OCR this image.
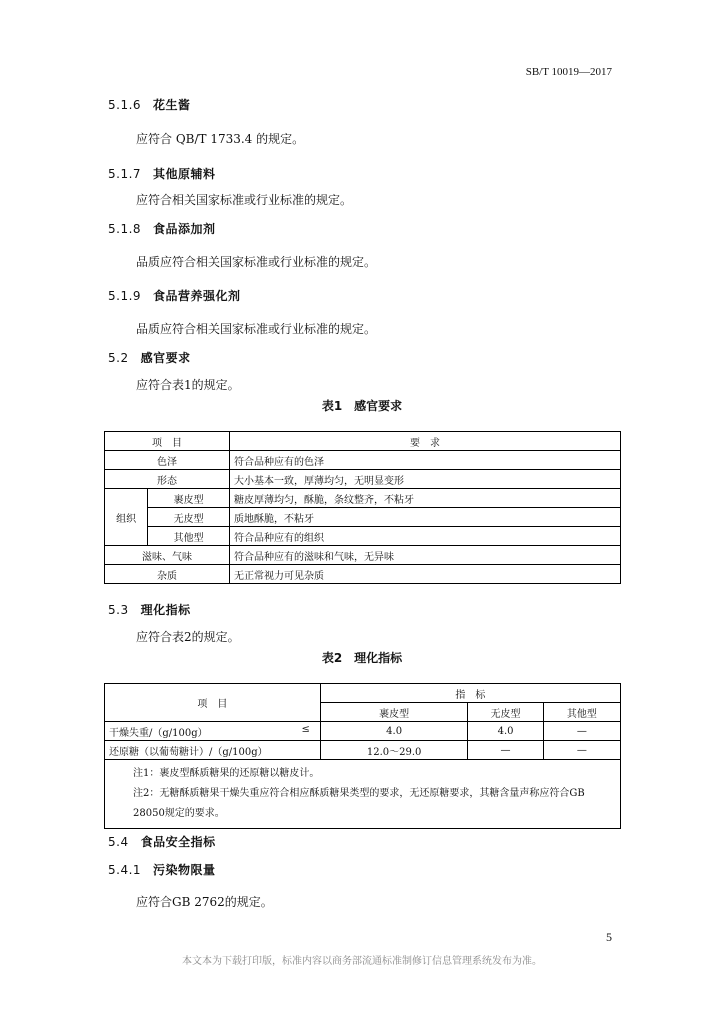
SB/T 10019—2017
5.1.6 花生酱
应符合 QB/T 1733.4 的规定。
5.1.7 其他原辅料
应符合相关国家标准或行业标准的规定。
5.1.8 食品添加剂
品质应符合相关国家标准或行业标准的规定。
5.1.9 食品营养强化剂
品质应符合相关国家标准或行业标准的规定。
5.2 感官要求
应符合表1的规定。
表1　感官要求
项　目		要　求
色泽		符合品种应有的色泽
形态		大小基本一致，厚薄均匀，无明显变形
组织	裹皮型	糖皮厚薄均匀，酥脆，条纹整齐，不粘牙
	无皮型	质地酥脆，不粘牙
	其他型	符合品种应有的组织
滋味、气味		符合品种应有的滋味和气味，无异味
杂质		无正常视力可见杂质
5.3 理化指标
应符合表2的规定。
表2　理化指标
项　目	指　标		
	裹皮型	无皮型	其他型

干燥失重/（g/100g） ≤	4.0	4.0	—
还原糖（以葡萄糖计）/（g/100g）	12.0～29.0	—	—

注1：裹皮型酥质糖果的还原糖以糖皮计。
注2：无糖酥质糖果干燥失重应符合相应酥质糖果类型的要求，无还原糖要求，其糖含量声称应符合GB 28050规定的要求。			
5.4 食品安全指标
5.4.1 污染物限量
应符合GB 2762的规定。
5
本文本为下载打印版，标准内容以商务部流通标准制修订信息管理系统发布为准。
